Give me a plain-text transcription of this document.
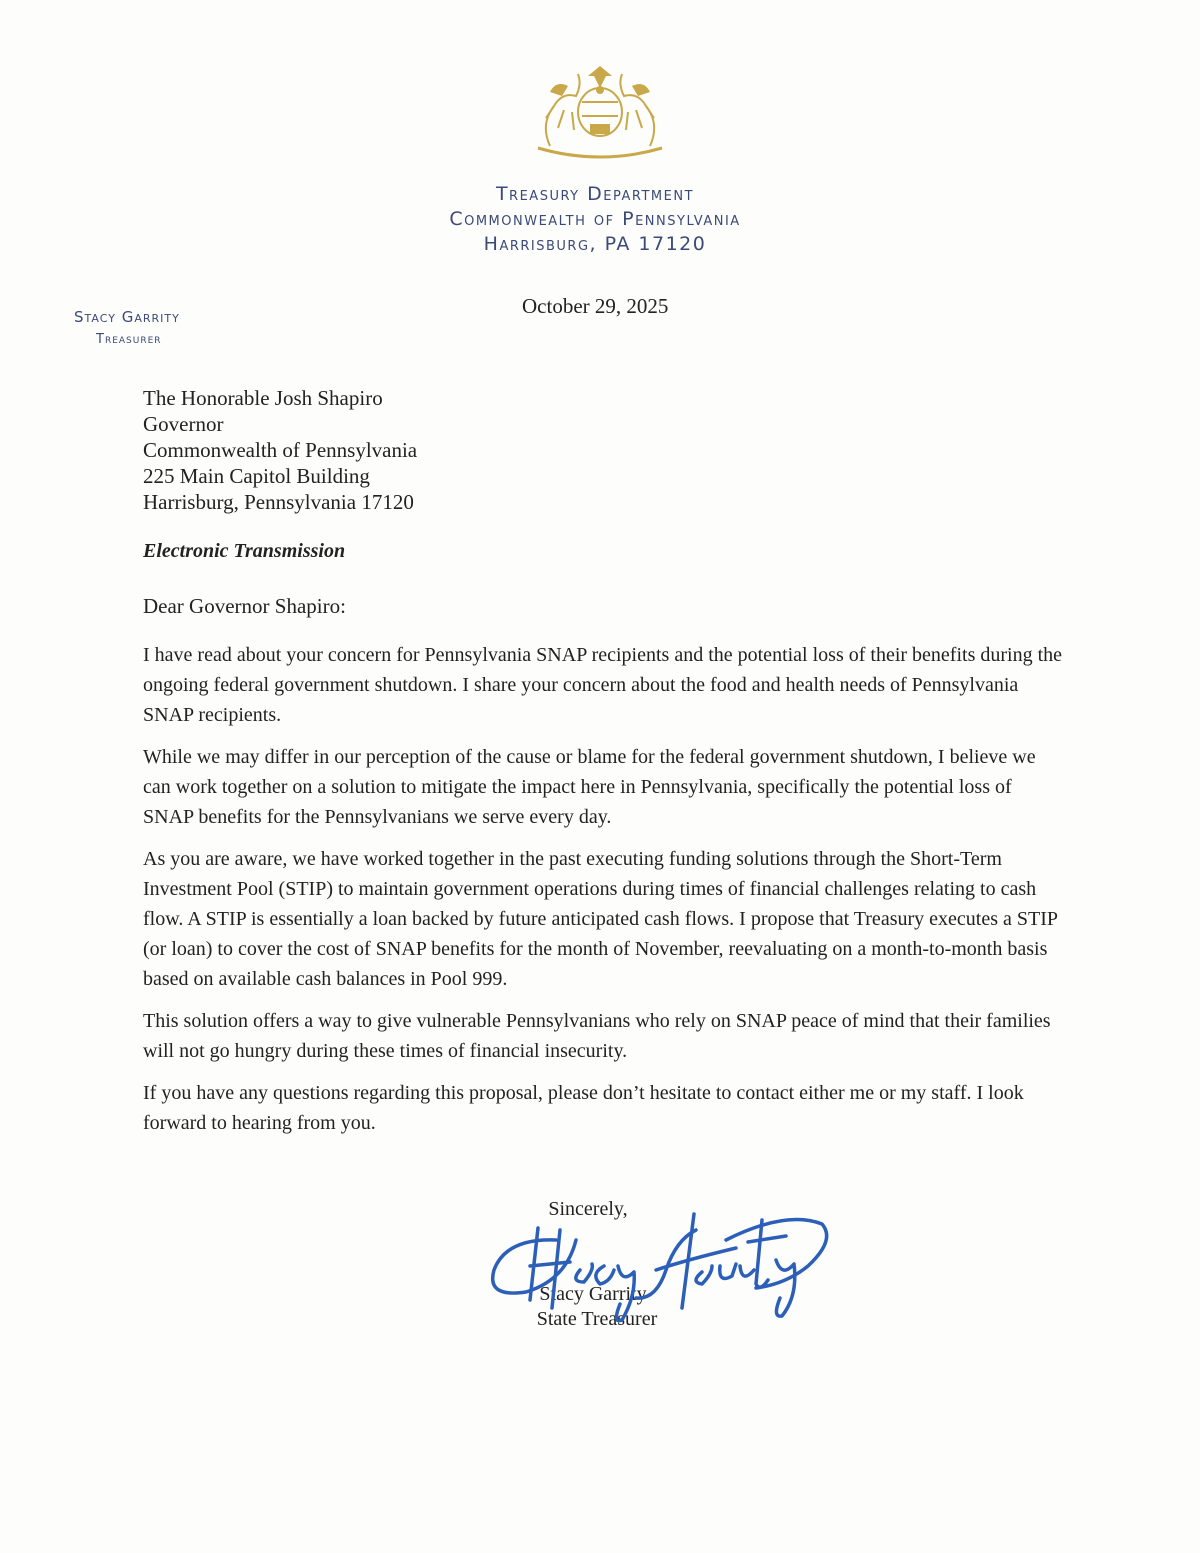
Treasury Department
Commonwealth of Pennsylvania
Harrisburg, PA 17120
October 29, 2025
Stacy Garrity
Treasurer
The Honorable Josh Shapiro
Governor
Commonwealth of Pennsylvania
225 Main Capitol Building
Harrisburg, Pennsylvania 17120
Electronic Transmission
Dear Governor Shapiro:

I have read about your concern for Pennsylvania SNAP recipients and the potential loss of their benefits during the ongoing federal government shutdown. I share your concern about the food and health needs of Pennsylvania SNAP recipients.

While we may differ in our perception of the cause or blame for the federal government shutdown, I believe we can work together on a solution to mitigate the impact here in Pennsylvania, specifically the potential loss of SNAP benefits for the Pennsylvanians we serve every day.

As you are aware, we have worked together in the past executing funding solutions through the Short-Term Investment Pool (STIP) to maintain government operations during times of financial challenges relating to cash flow. A STIP is essentially a loan backed by future anticipated cash flows. I propose that Treasury executes a STIP (or loan) to cover the cost of SNAP benefits for the month of November, reevaluating on a month-to-month basis based on available cash balances in Pool 999.

This solution offers a way to give vulnerable Pennsylvanians who rely on SNAP peace of mind that their families will not go hungry during these times of financial insecurity.

If you have any questions regarding this proposal, please don’t hesitate to contact either me or my staff. I look forward to hearing from you.

Sincerely,
Stacy Garrity
State Treasurer
